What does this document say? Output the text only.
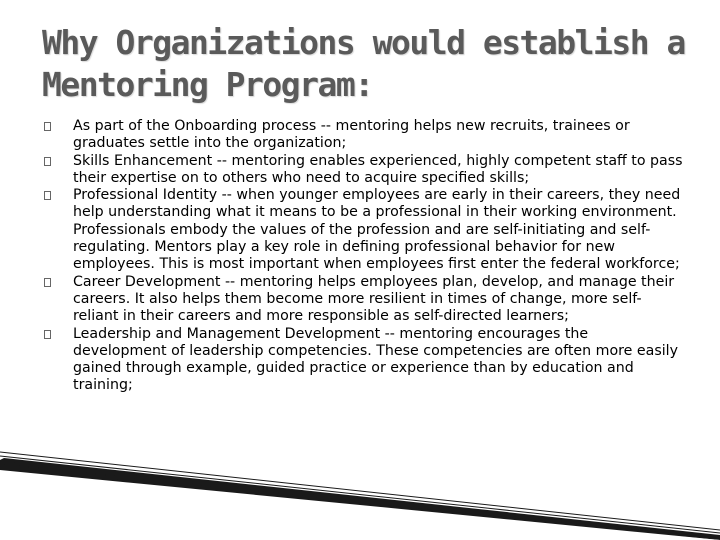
Why Organizations would establish a Mentoring Program:
As part of the Onboarding process -- mentoring helps new recruits, trainees or graduates settle into the organization;
Skills Enhancement -- mentoring enables experienced, highly competent staff to pass their expertise on to others who need to acquire specified skills;
Professional Identity -- when younger employees are early in their careers, they need help understanding what it means to be a professional in their working environment. Professionals embody the values of the profession and are self-initiating and self-regulating. Mentors play a key role in defining professional behavior for new employees. This is most important when employees first enter the federal workforce;
Career Development -- mentoring helps employees plan, develop, and manage their careers. It also helps them become more resilient in times of change, more self-reliant in their careers and more responsible as self-directed learners;
Leadership and Management Development -- mentoring encourages the development of leadership competencies. These competencies are often more easily gained through example, guided practice or experience than by education and training;
